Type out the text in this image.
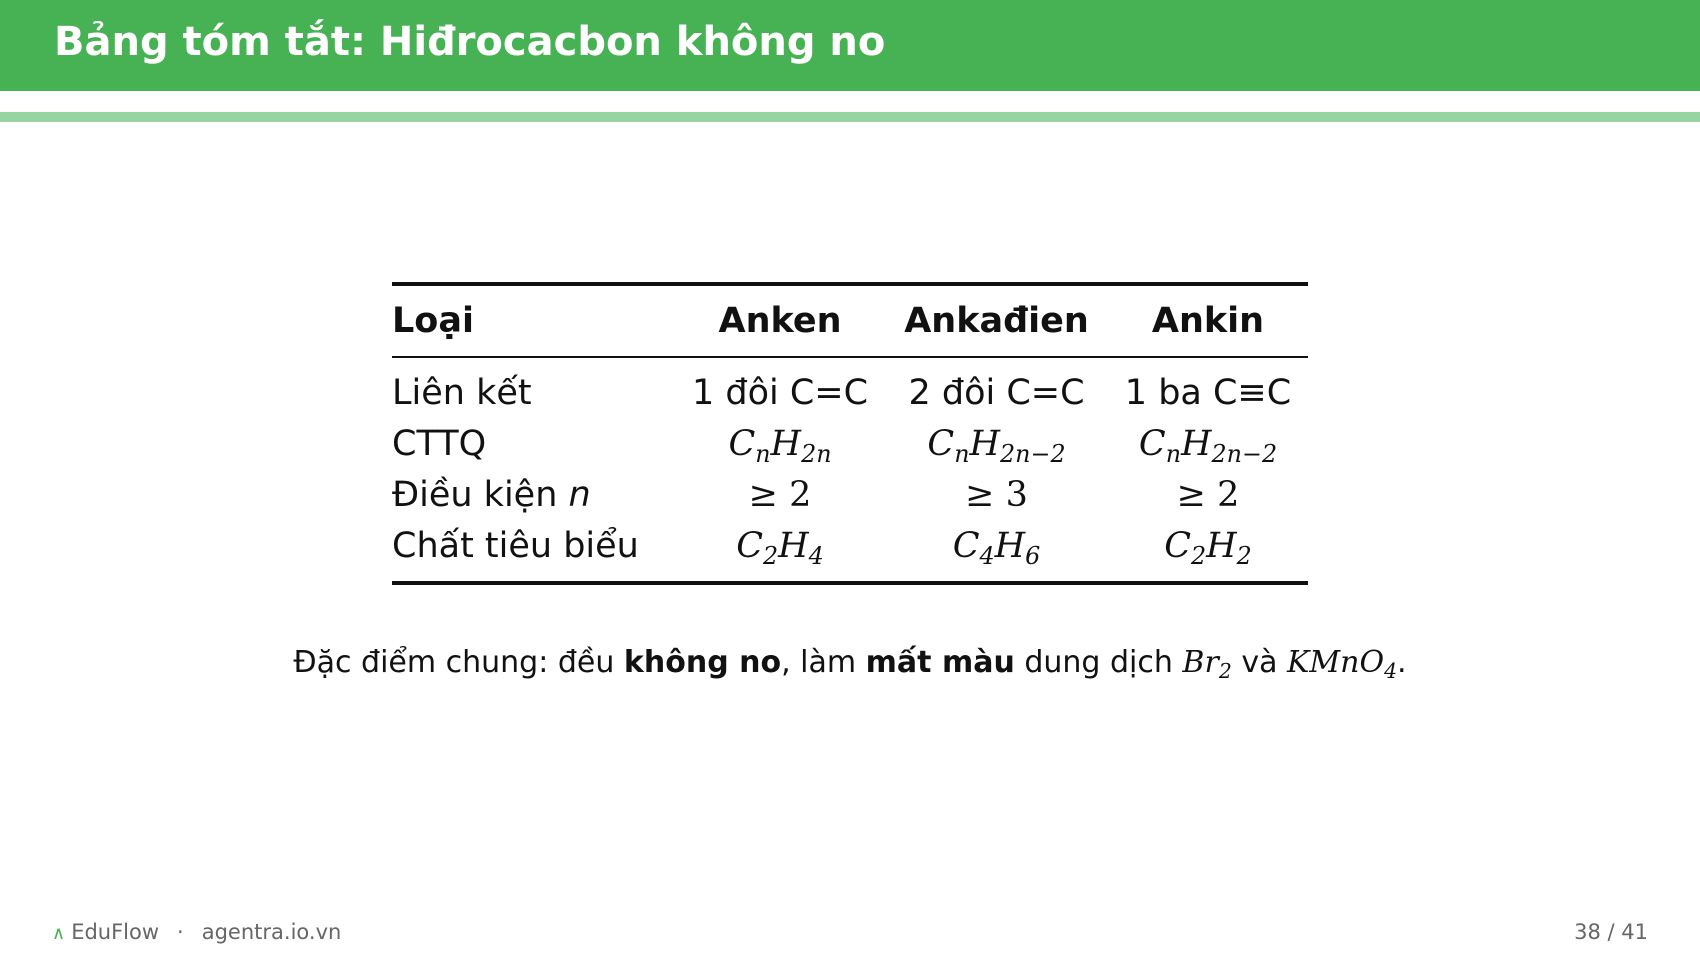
Bảng tóm tắt: Hiđrocacbon không no
Loại	Anken	Ankađien	Ankin
Liên kết	1 đôi C=C	2 đôi C=C	1 ba C≡C
CTTQ	$C_nH_{2n}$	$C_nH_{2n-2}$	$C_nH_{2n-2}$
Điều kiện n	≥ 2	≥ 3	≥ 2
Chất tiêu biểu	$C_2H_4$	$C_4H_6$	$C_2H_2$

Đặc điểm chung: đều không no, làm mất màu dung dịch $Br_2$ và KMnO$_4$.

∧ EduFlow · agentra.io.vn	38 / 41
